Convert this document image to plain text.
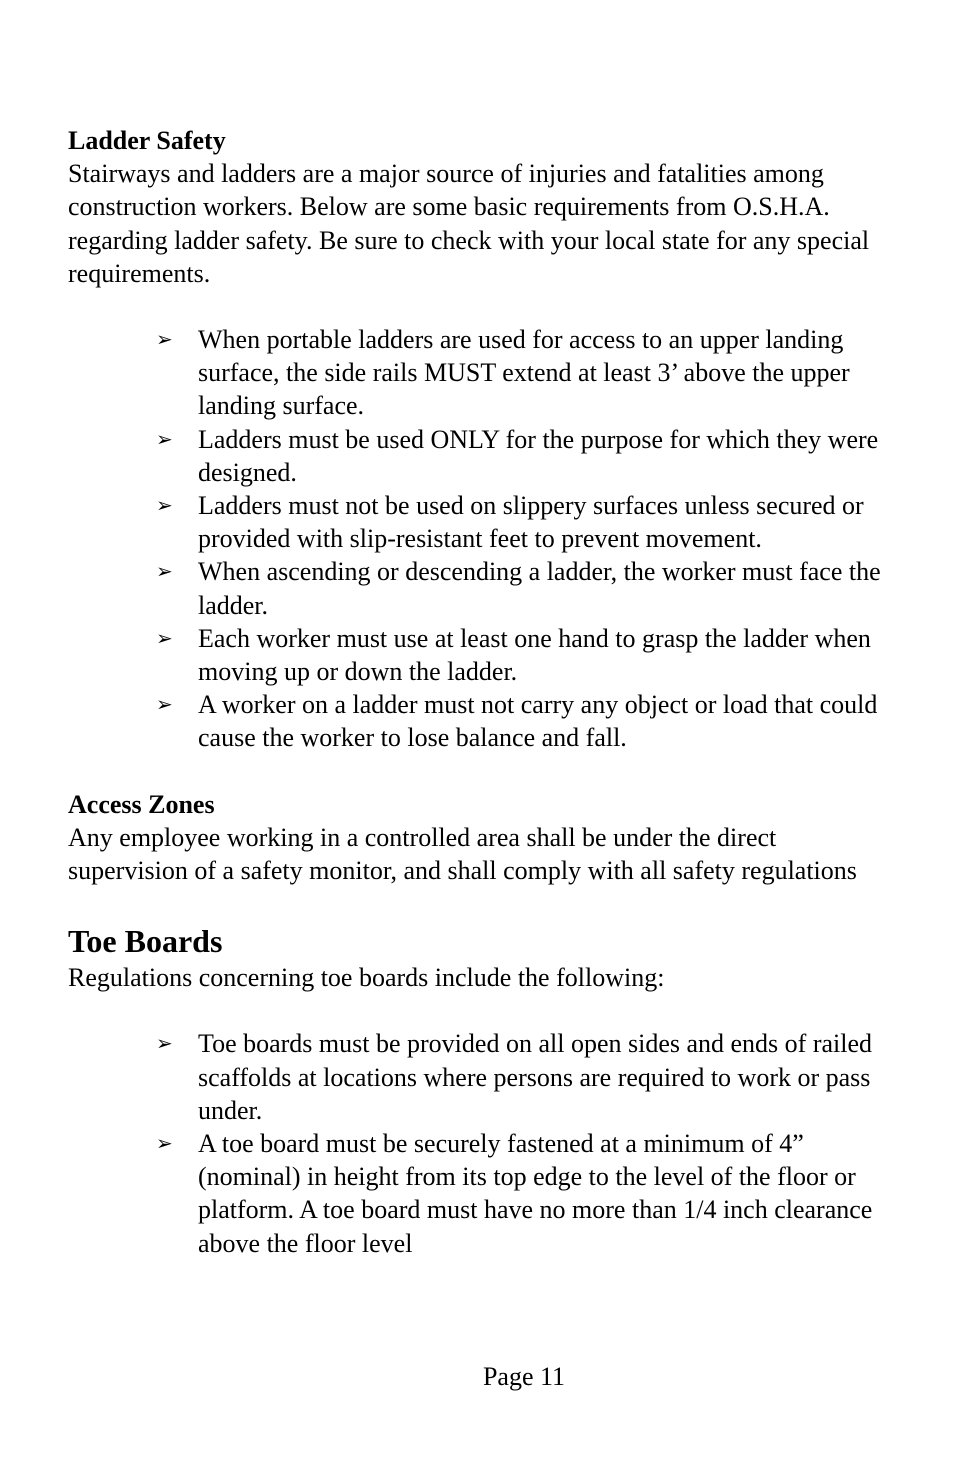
Ladder Safety

Stairways and ladders are a major source of injuries and fatalities among construction workers. Below are some basic requirements from O.S.H.A. regarding ladder safety. Be sure to check with your local state for any special requirements.

➢ When portable ladders are used for access to an upper landing surface, the side rails MUST extend at least 3’ above the upper landing surface.
➢ Ladders must be used ONLY for the purpose for which they were designed.
➢ Ladders must not be used on slippery surfaces unless secured or provided with slip-resistant feet to prevent movement.
➢ When ascending or descending a ladder, the worker must face the ladder.
➢ Each worker must use at least one hand to grasp the ladder when moving up or down the ladder.
➢ A worker on a ladder must not carry any object or load that could cause the worker to lose balance and fall.

Access Zones

Any employee working in a controlled area shall be under the direct supervision of a safety monitor, and shall comply with all safety regulations

Toe Boards

Regulations concerning toe boards include the following:

➢ Toe boards must be provided on all open sides and ends of railed scaffolds at locations where persons are required to work or pass under.
➢ A toe board must be securely fastened at a minimum of 4” (nominal) in height from its top edge to the level of the floor or platform. A toe board must have no more than 1/4 inch clearance above the floor level
Page 11
